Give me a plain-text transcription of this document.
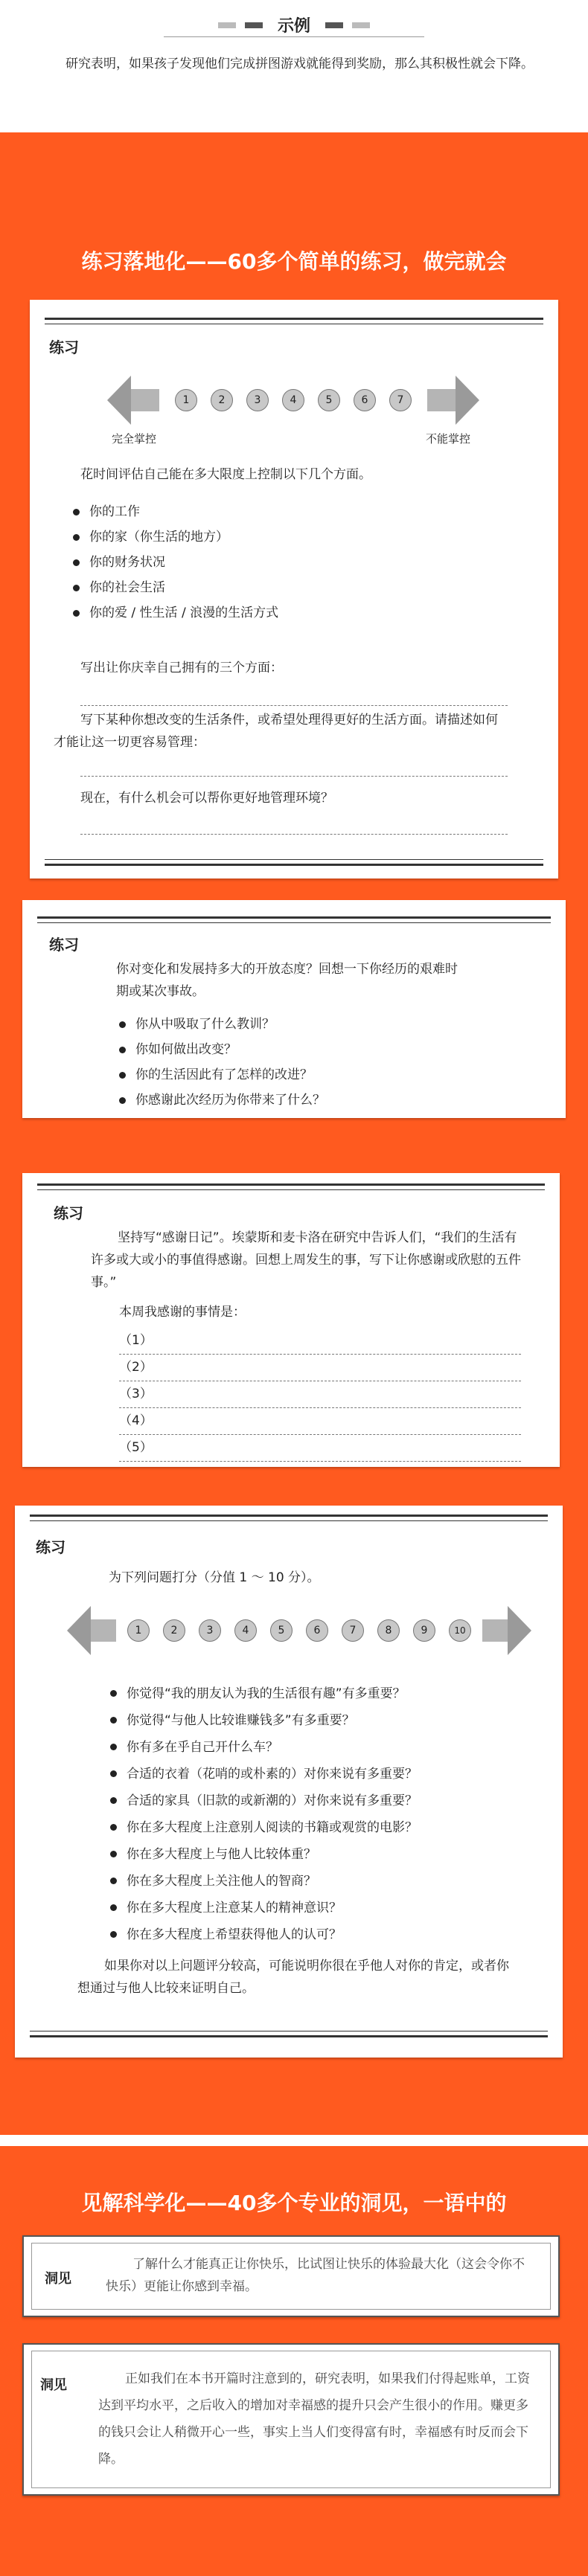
示例
研究表明，如果孩子发现他们完成拼图游戏就能得到奖励，那么其积极性就会下降。
练习落地化——60多个简单的练习，做完就会
练习
1	2	3	4	5	6	7
完全掌控	不能掌控
花时间评估自己能在多大限度上控制以下几个方面。
你的工作
你的家（你生活的地方）
你的财务状况
你的社会生活
你的爱 / 性生活 / 浪漫的生活方式
写出让你庆幸自己拥有的三个方面：
写下某种你想改变的生活条件，或希望处理得更好的生活方面。请描述如何才能让这一切更容易管理：
现在，有什么机会可以帮你更好地管理环境？
练习
你对变化和发展持多大的开放态度？回想一下你经历的艰难时期或某次事故。
你从中吸取了什么教训？
你如何做出改变？
你的生活因此有了怎样的改进？
你感谢此次经历为你带来了什么？
练习
坚持写“感谢日记”。埃蒙斯和麦卡洛在研究中告诉人们，“我们的生活有许多或大或小的事值得感谢。回想上周发生的事，写下让你感谢或欣慰的五件事。”
本周我感谢的事情是：
（1）
（2）
（3）
（4）
（5）
练习
为下列问题打分（分值 1 ～ 10 分）。
1	2	3	4	5	6	7	8	9	10
你觉得“我的朋友认为我的生活很有趣”有多重要？
你觉得“与他人比较谁赚钱多”有多重要？
你有多在乎自己开什么车？
合适的衣着（花哨的或朴素的）对你来说有多重要？
合适的家具（旧款的或新潮的）对你来说有多重要？
你在多大程度上注意别人阅读的书籍或观赏的电影？
你在多大程度上与他人比较体重？
你在多大程度上关注他人的智商？
你在多大程度上注意某人的精神意识？
你在多大程度上希望获得他人的认可？
如果你对以上问题评分较高，可能说明你很在乎他人对你的肯定，或者你想通过与他人比较来证明自己。
见解科学化——40多个专业的洞见，一语中的
洞见
了解什么才能真正让你快乐，比试图让快乐的体验最大化（这会令你不快乐）更能让你感到幸福。
洞见	正如我们在本书开篇时注意到的，研究表明，如果我们付得起账单，工资达到平均水平，之后收入的增加对幸福感的提升只会产生很小的作用。赚更多的钱只会让人稍微开心一些，事实上当人们变得富有时，幸福感有时反而会下降。
